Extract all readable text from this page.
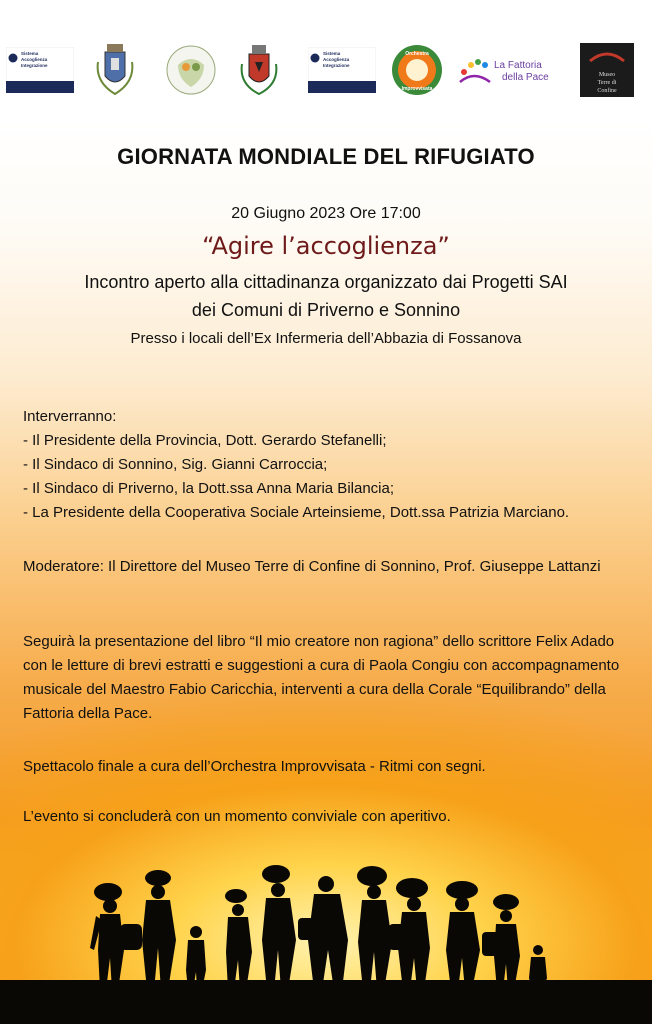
Sistema
Accoglienza
Integrazione
Sistema
Accoglienza
Integrazione
Orchestra
Improvvisata
La Fattoria
della Pace	Museo
Terre di
Confine
GIORNATA MONDIALE DEL RIFUGIATO
20 Giugno 2023 Ore 17:00
“Agire l’accoglienza”
Incontro aperto alla cittadinanza organizzato dai Progetti SAI
dei Comuni di Priverno e Sonnino
Presso i locali dell’Ex Infermeria dell’Abbazia di Fossanova

Interverranno:

- Il Presidente della Provincia, Dott. Gerardo Stefanelli;

- Il Sindaco di Sonnino, Sig. Gianni Carroccia;

- Il Sindaco di Priverno, la Dott.ssa Anna Maria Bilancia;

- La Presidente della Cooperativa Sociale Arteinsieme, Dott.ssa Patrizia Marciano.

Moderatore: Il Direttore del Museo Terre di Confine di Sonnino, Prof. Giuseppe Lattanzi
Seguirà la presentazione del libro “Il mio creatore non ragiona” dello scrittore Felix Adado con le letture di brevi estratti e suggestioni a cura di Paola Congiu con accompagnamento musicale del Maestro Fabio Caricchia, interventi a cura della Corale “Equilibrando” della Fattoria della Pace.
Spettacolo finale a cura dell’Orchestra Improvvisata - Ritmi con segni.
L’evento si concluderà con un momento conviviale con aperitivo.
